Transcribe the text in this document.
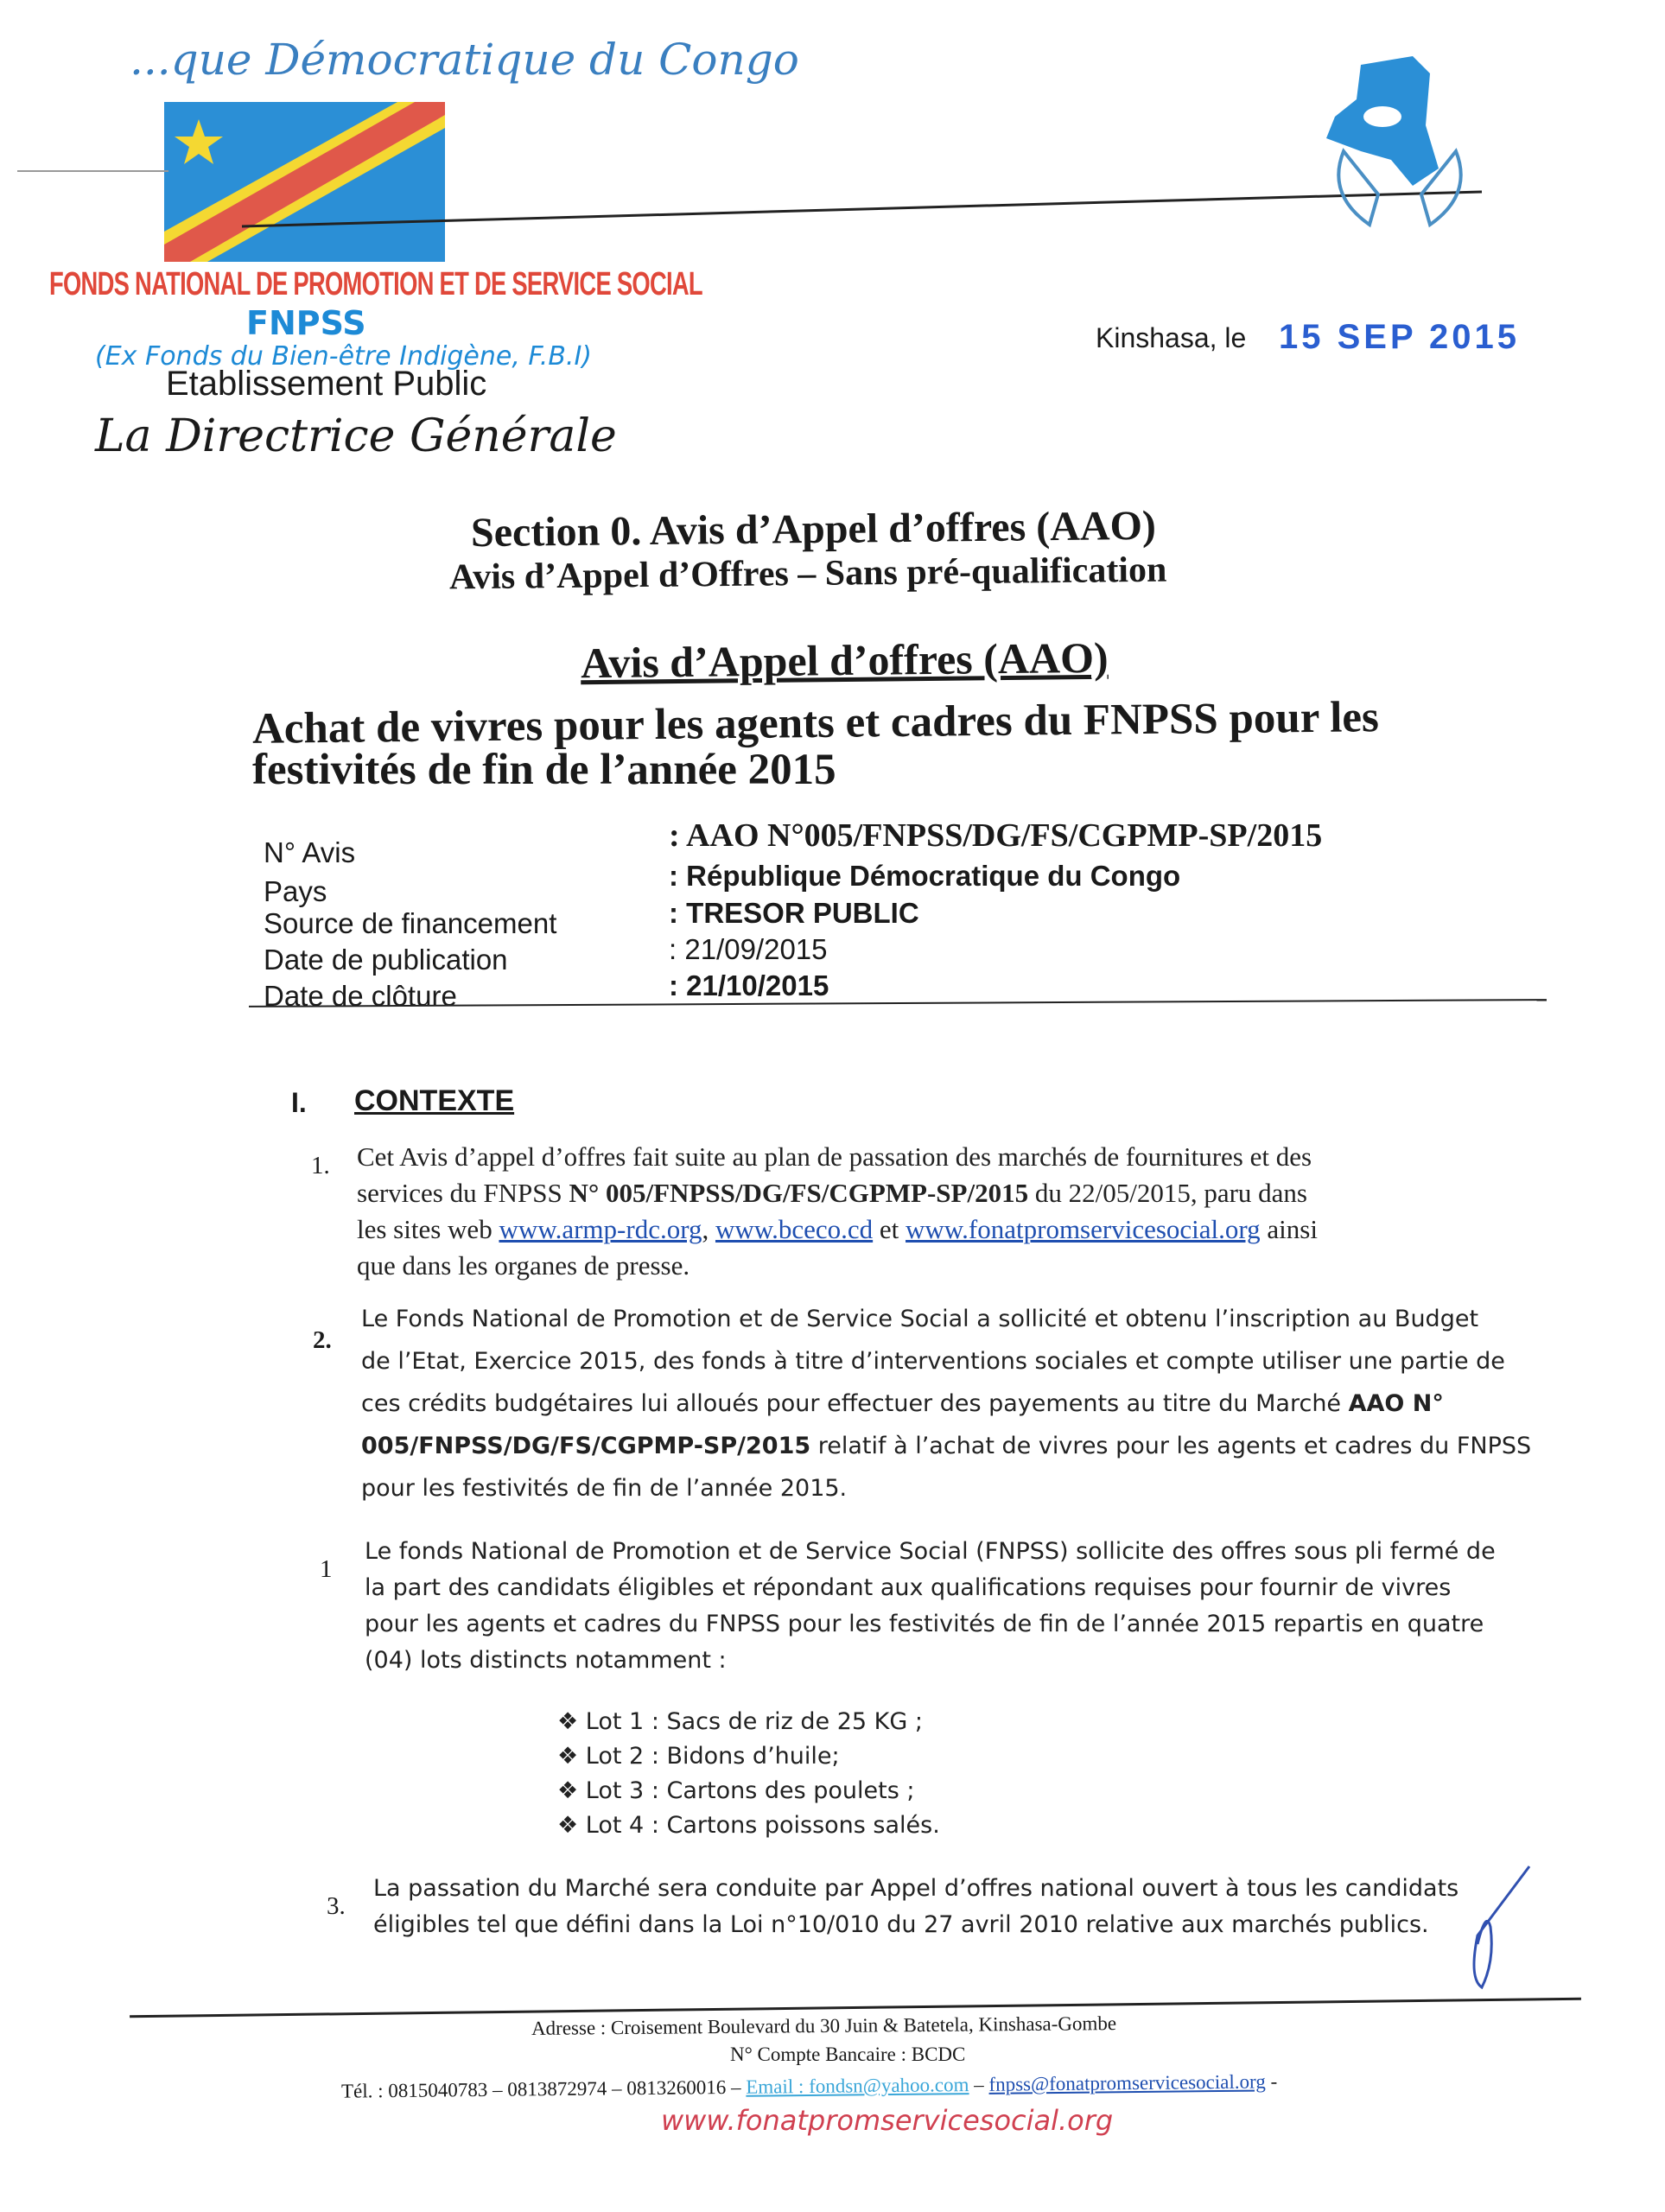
...que Démocratique du Congo
FONDS NATIONAL DE PROMOTION ET DE SERVICE SOCIAL
FNPSS
(Ex Fonds du Bien-être Indigène, F.B.I)
Etablissement Public
La Directrice Générale
Kinshasa, le 15 SEP 2015
Section 0. Avis d’Appel d’offres (AAO)
Avis d’Appel d’Offres – Sans pré-qualification
Avis d’Appel d’offres (AAO)
Achat de vivres pour les agents et cadres du FNPSS pour les
festivités de fin de l’année 2015
N° Avis	: AAO N°005/FNPSS/DG/FS/CGPMP-SP/2015
Pays	: République Démocratique du Congo
Source de financement	: TRESOR PUBLIC
Date de publication	: 21/09/2015
Date de clôture	: 21/10/2015
I. CONTEXTE
1. Cet Avis d’appel d’offres fait suite au plan de passation des marchés de fournitures et des
services du FNPSS N° 005/FNPSS/DG/FS/CGPMP-SP/2015 du 22/05/2015, paru dans
les sites web www.armp-rdc.org, www.bceco.cd et www.fonatpromservicesocial.org ainsi
que dans les organes de presse.
2.
Le Fonds National de Promotion et de Service Social a sollicité et obtenu l’inscription au Budget
de l’Etat, Exercice 2015, des fonds à titre d’interventions sociales et compte utiliser une partie de
ces crédits budgétaires lui alloués pour effectuer des payements au titre du Marché AAO N°
005/FNPSS/DG/FS/CGPMP-SP/2015 relatif à l’achat de vivres pour les agents et cadres du FNPSS
pour les festivités de fin de l’année 2015.
1
Le fonds National de Promotion et de Service Social (FNPSS) sollicite des offres sous pli fermé de
la part des candidats éligibles et répondant aux qualifications requises pour fournir de vivres
pour les agents et cadres du FNPSS pour les festivités de fin de l’année 2015 repartis en quatre
(04) lots distincts notamment :
❖ Lot 1 : Sacs de riz de 25 KG ;
❖ Lot 2 : Bidons d’huile;
❖ Lot 3 : Cartons des poulets ;
❖ Lot 4 : Cartons poissons salés.
3.
La passation du Marché sera conduite par Appel d’offres national ouvert à tous les candidats
éligibles tel que défini dans la Loi n°10/010 du 27 avril 2010 relative aux marchés publics.
Adresse : Croisement Boulevard du 30 Juin & Batetela, Kinshasa-Gombe
N° Compte Bancaire : BCDC
Tél. : 0815040783 – 0813872974 – 0813260016 – Email : fondsn@yahoo.com – fnpss@fonatpromservicesocial.org -
www.fonatpromservicesocial.org
